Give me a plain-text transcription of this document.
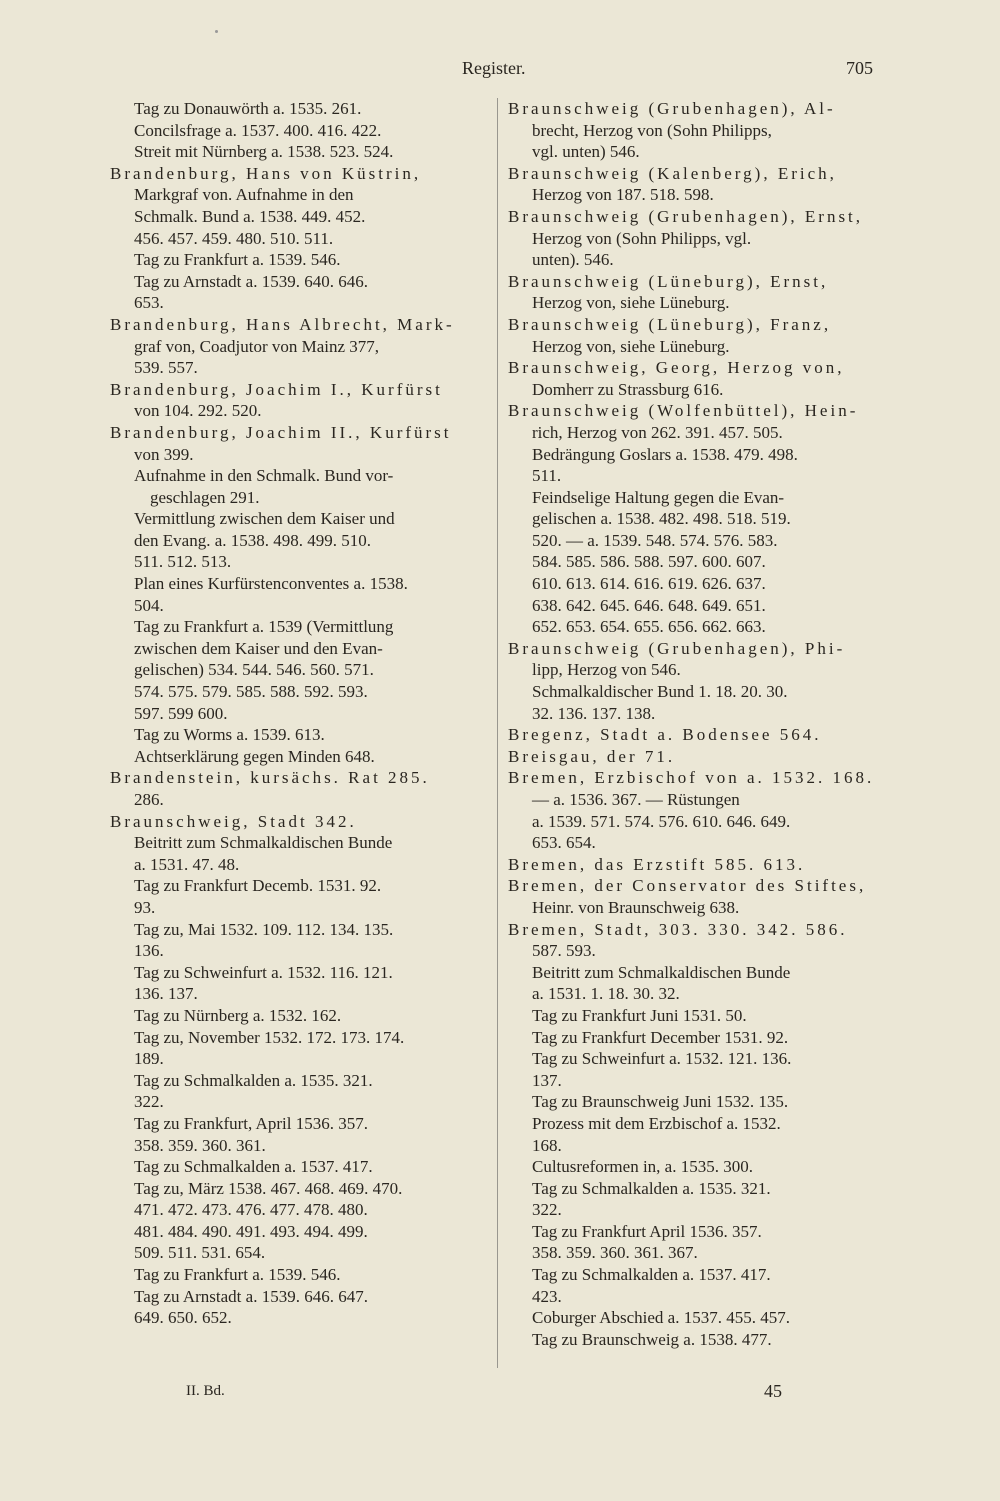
Register.	705
Tag zu Donauwörth a. 1535. 261.
Concilsfrage a. 1537. 400. 416. 422.
Streit mit Nürnberg a. 1538. 523. 524.
Brandenburg, Hans von Küstrin,
Markgraf von. Aufnahme in den
Schmalk. Bund a. 1538. 449. 452.
456. 457. 459. 480. 510. 511.
Tag zu Frankfurt a. 1539. 546.
Tag zu Arnstadt a. 1539. 640. 646.
653.
Brandenburg, Hans Albrecht, Mark-
graf von, Coadjutor von Mainz 377,
539. 557.
Brandenburg, Joachim I., Kurfürst
von 104. 292. 520.
Brandenburg, Joachim II., Kurfürst
von 399.
Aufnahme in den Schmalk. Bund vor-
geschlagen 291.
Vermittlung zwischen dem Kaiser und
den Evang. a. 1538. 498. 499. 510.
511. 512. 513.
Plan eines Kurfürstenconventes a. 1538.
504.
Tag zu Frankfurt a. 1539 (Vermittlung
zwischen dem Kaiser und den Evan-
gelischen) 534. 544. 546. 560. 571.
574. 575. 579. 585. 588. 592. 593.
597. 599 600.
Tag zu Worms a. 1539. 613.
Achtserklärung gegen Minden 648.
Brandenstein, kursächs. Rat 285.
286.
Braunschweig, Stadt 342.
Beitritt zum Schmalkaldischen Bunde
a. 1531. 47. 48.
Tag zu Frankfurt Decemb. 1531. 92.
93.
Tag zu, Mai 1532. 109. 112. 134. 135.
136.
Tag zu Schweinfurt a. 1532. 116. 121.
136. 137.
Tag zu Nürnberg a. 1532. 162.
Tag zu, November 1532. 172. 173. 174.
189.
Tag zu Schmalkalden a. 1535. 321.
322.
Tag zu Frankfurt, April 1536. 357.
358. 359. 360. 361.
Tag zu Schmalkalden a. 1537. 417.
Tag zu, März 1538. 467. 468. 469. 470.
471. 472. 473. 476. 477. 478. 480.
481. 484. 490. 491. 493. 494. 499.
509. 511. 531. 654.
Tag zu Frankfurt a. 1539. 546.
Tag zu Arnstadt a. 1539. 646. 647.
649. 650. 652.
Braunschweig (Grubenhagen), Al-
brecht, Herzog von (Sohn Philipps,
vgl. unten) 546.
Braunschweig (Kalenberg), Erich,
Herzog von 187. 518. 598.
Braunschweig (Grubenhagen), Ernst,
Herzog von (Sohn Philipps, vgl.
unten). 546.
Braunschweig (Lüneburg), Ernst,
Herzog von, siehe Lüneburg.
Braunschweig (Lüneburg), Franz,
Herzog von, siehe Lüneburg.
Braunschweig, Georg, Herzog von,
Domherr zu Strassburg 616.
Braunschweig (Wolfenbüttel), Hein-
rich, Herzog von 262. 391. 457. 505.
Bedrängung Goslars a. 1538. 479. 498.
511.
Feindselige Haltung gegen die Evan-
gelischen a. 1538. 482. 498. 518. 519.
520. — a. 1539. 548. 574. 576. 583.
584. 585. 586. 588. 597. 600. 607.
610. 613. 614. 616. 619. 626. 637.
638. 642. 645. 646. 648. 649. 651.
652. 653. 654. 655. 656. 662. 663.
Braunschweig (Grubenhagen), Phi-
lipp, Herzog von 546.
Schmalkaldischer Bund 1. 18. 20. 30.
32. 136. 137. 138.
Bregenz, Stadt a. Bodensee 564.
Breisgau, der 71.
Bremen, Erzbischof von a. 1532. 168.
— a. 1536. 367. — Rüstungen
a. 1539. 571. 574. 576. 610. 646. 649.
653. 654.
Bremen, das Erzstift 585. 613.
Bremen, der Conservator des Stiftes,
Heinr. von Braunschweig 638.
Bremen, Stadt, 303. 330. 342. 586.
587. 593.
Beitritt zum Schmalkaldischen Bunde
a. 1531. 1. 18. 30. 32.
Tag zu Frankfurt Juni 1531. 50.
Tag zu Frankfurt December 1531. 92.
Tag zu Schweinfurt a. 1532. 121. 136.
137.
Tag zu Braunschweig Juni 1532. 135.
Prozess mit dem Erzbischof a. 1532.
168.
Cultusreformen in, a. 1535. 300.
Tag zu Schmalkalden a. 1535. 321.
322.
Tag zu Frankfurt April 1536. 357.
358. 359. 360. 361. 367.
Tag zu Schmalkalden a. 1537. 417.
423.
Coburger Abschied a. 1537. 455. 457.
Tag zu Braunschweig a. 1538. 477.
II. Bd.	45
